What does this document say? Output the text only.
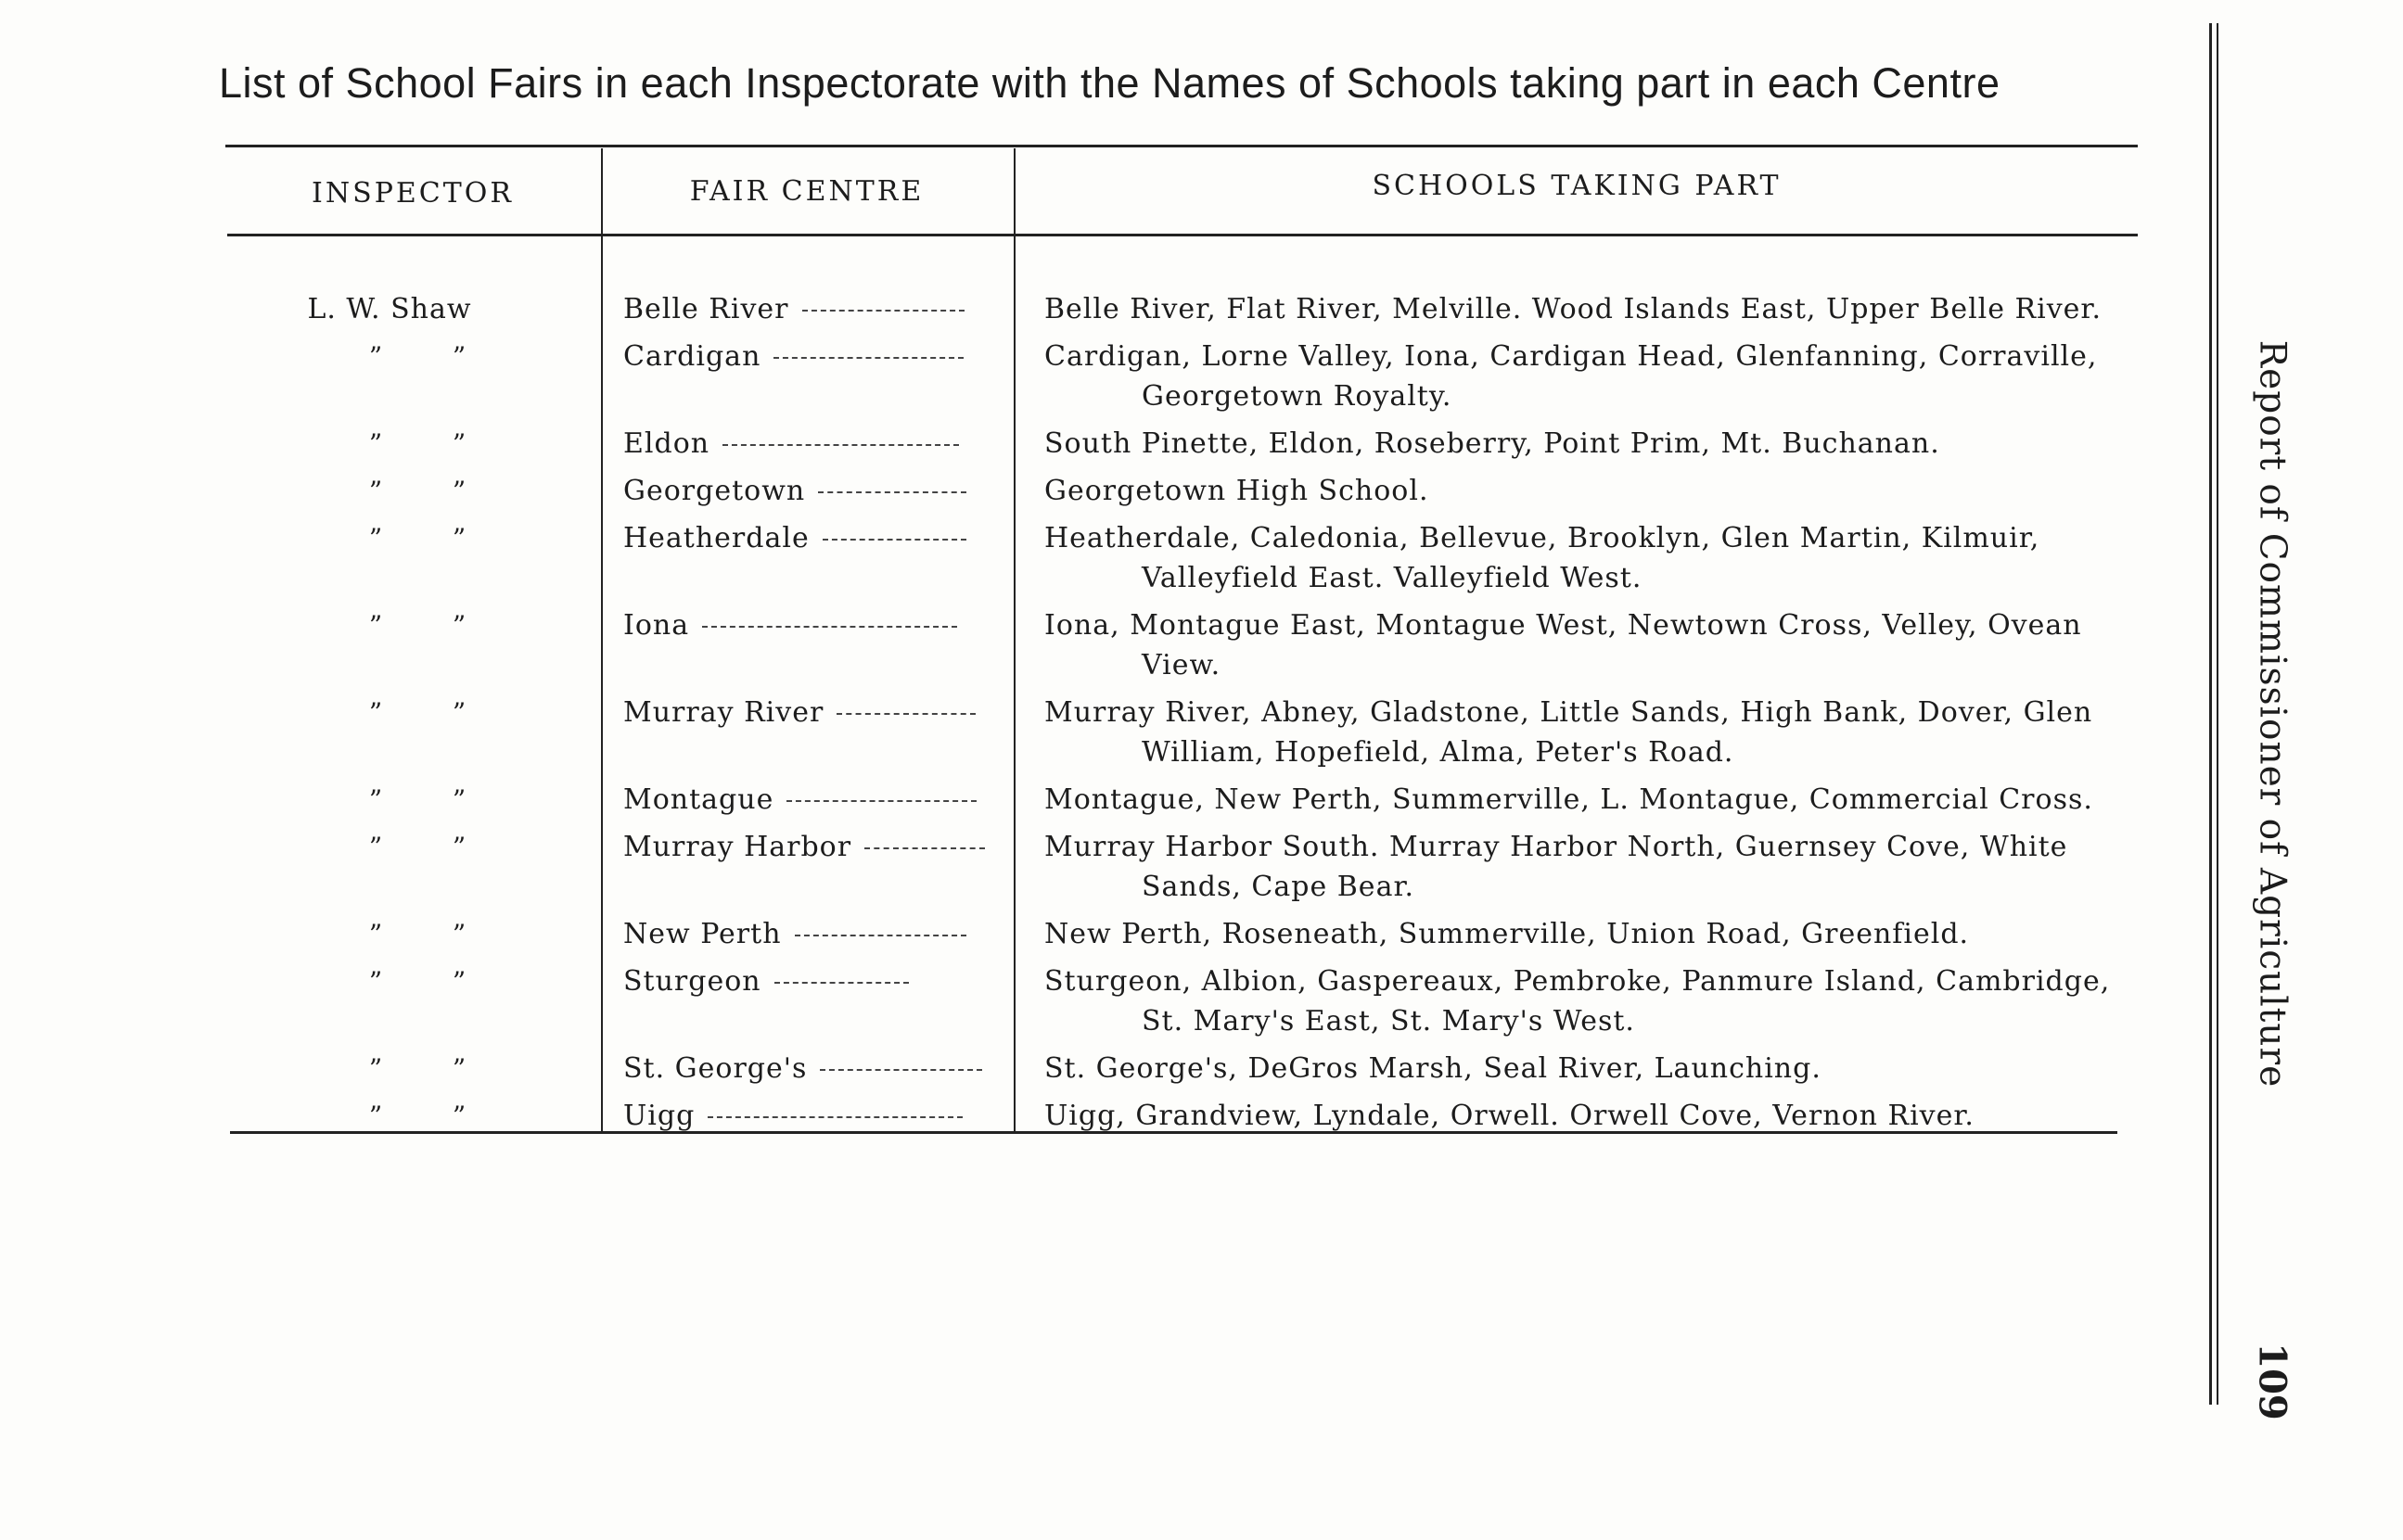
List of School Fairs in each Inspectorate with the Names of Schools taking part in each Centre
INSPECTOR	FAIR CENTRE	SCHOOLS TAKING PART
L. W. Shaw	Belle River	Belle River, Flat River, Melville. Wood Islands East, Upper Belle River.
” ”	Cardigan	Cardigan, Lorne Valley, Iona, Cardigan Head, Glenfanning, Corraville,
Georgetown Royalty.

” ”	Eldon	South Pinette, Eldon, Roseberry, Point Prim, Mt. Buchanan.
” ”	Georgetown	Georgetown High School.
” ”	Heatherdale	Heatherdale, Caledonia, Bellevue, Brooklyn, Glen Martin, Kilmuir,
Valleyfield East. Valleyfield West.

” ”	Iona	Iona, Montague East, Montague West, Newtown Cross, Velley, Ovean
View.

” ”	Murray River	Murray River, Abney, Gladstone, Little Sands, High Bank, Dover, Glen
William, Hopefield, Alma, Peter's Road.

” ”	Montague	Montague, New Perth, Summerville, L. Montague, Commercial Cross.
” ”	Murray Harbor	Murray Harbor South. Murray Harbor North, Guernsey Cove, White
Sands, Cape Bear.

” ”	New Perth	New Perth, Roseneath, Summerville, Union Road, Greenfield.
” ”	Sturgeon	Sturgeon, Albion, Gaspereaux, Pembroke, Panmure Island, Cambridge,
St. Mary's East, St. Mary's West.

” ”	St. George's	St. George's, DeGros Marsh, Seal River, Launching.
” ”	Uigg	Uigg, Grandview, Lyndale, Orwell. Orwell Cove, Vernon River.
Report of Commissioner of Agriculture
109
